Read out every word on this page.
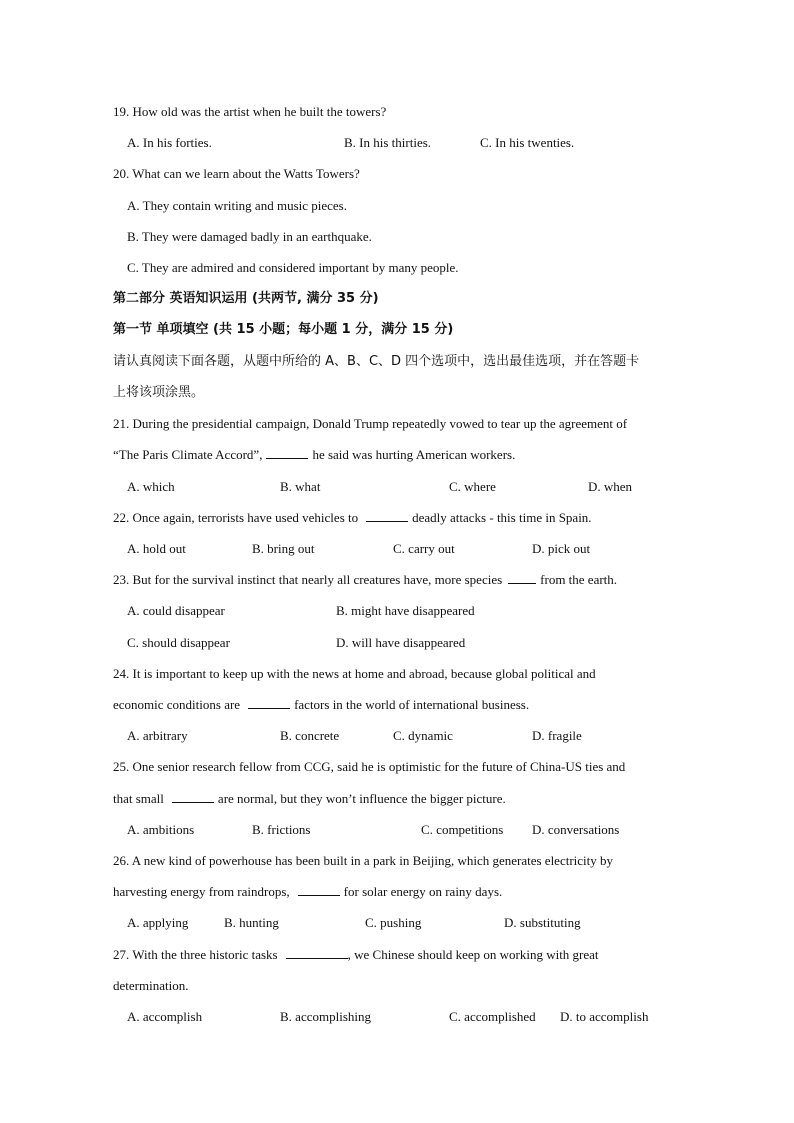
19. How old was the artist when he built the towers?
A. In his forties.	B. In his thirties.	C. In his twenties.
20. What can we learn about the Watts Towers?
A. They contain writing and music pieces.
B. They were damaged badly in an earthquake.
C. They are admired and considered important by many people.
第二部分 英语知识运用 (共两节, 满分 35 分)
第一节 单项填空 (共 15 小题；每小题 1 分，满分 15 分)
请认真阅读下面各题，从题中所给的 A、B、C、D 四个选项中，选出最佳选项，并在答题卡
上将该项涂黑。
21. During the presidential campaign, Donald Trump repeatedly vowed to tear up the agreement of
“The Paris Climate Accord”,	he said was hurting American workers.
A. which	B. what	C. where	D. when
22. Once again, terrorists have used vehicles to	deadly attacks - this time in Spain.
A. hold out	B. bring out	C. carry out	D. pick out
23. But for the survival instinct that nearly all creatures have, more species	from the earth.
A. could disappear	B. might have disappeared
C. should disappear	D. will have disappeared
24. It is important to keep up with the news at home and abroad, because global political and
economic conditions are	factors in the world of international business.
A. arbitrary	B. concrete	C. dynamic	D. fragile
25. One senior research fellow from CCG, said he is optimistic for the future of China-US ties and
that small	are normal, but they won’t influence the bigger picture.
A. ambitions	B. frictions	C. competitions D. conversations
26. A new kind of powerhouse has been built in a park in Beijing, which generates electricity by
harvesting energy from raindrops,	for solar energy on rainy days.
A. applying	B. hunting	C. pushing	D. substituting
27. With the three historic tasks	, we Chinese should keep on working with great
determination.
A. accomplish	B. accomplishing	C. accomplished D. to accomplish
